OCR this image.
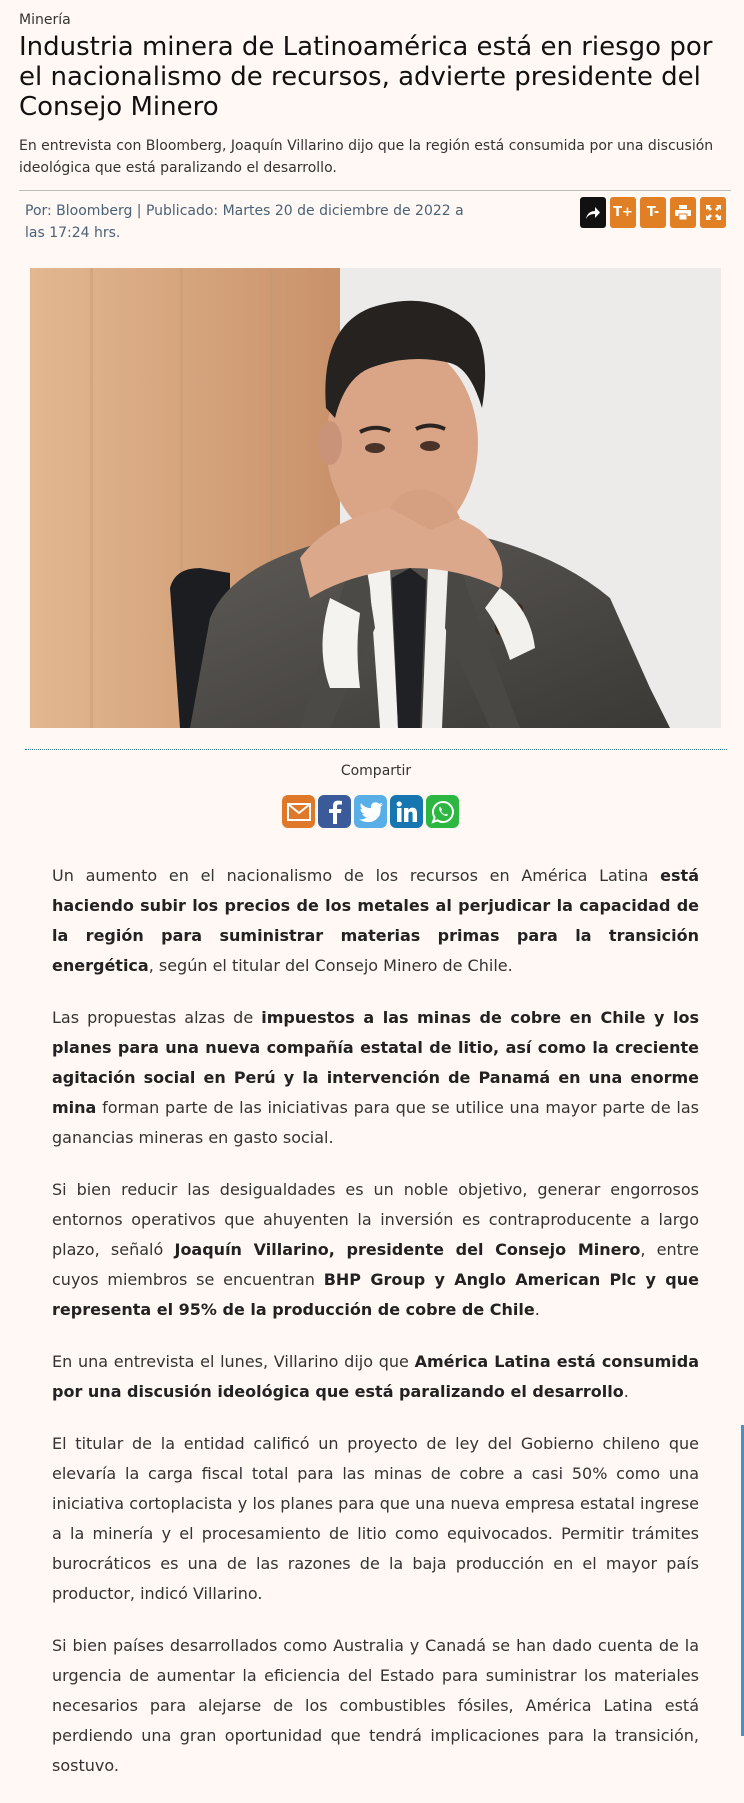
Minería
Industria minera de Latinoamérica está en riesgo por el nacionalismo de recursos, advierte presidente del Consejo Minero
En entrevista con Bloomberg, Joaquín Villarino dijo que la región está consumida por una discusión ideológica que está paralizando el desarrollo.
Por: Bloomberg | Publicado: Martes 20 de diciembre de 2022 a las 17:24 hrs.
T+	T-
Compartir

Un aumento en el nacionalismo de los recursos en América Latina está haciendo subir los precios de los metales al perjudicar la capacidad de la región para suministrar materias primas para la transición energética, según el titular del Consejo Minero de Chile.

Las propuestas alzas de impuestos a las minas de cobre en Chile y los planes para una nueva compañía estatal de litio, así como la creciente agitación social en Perú y la intervención de Panamá en una enorme mina forman parte de las iniciativas para que se utilice una mayor parte de las ganancias mineras en gasto social.

Si bien reducir las desigualdades es un noble objetivo, generar engorrosos entornos operativos que ahuyenten la inversión es contraproducente a largo plazo, señaló Joaquín Villarino, presidente del Consejo Minero, entre cuyos miembros se encuentran BHP Group y Anglo American Plc y que representa el 95% de la producción de cobre de Chile.

En una entrevista el lunes, Villarino dijo que América Latina está consumida por una discusión ideológica que está paralizando el desarrollo.

El titular de la entidad calificó un proyecto de ley del Gobierno chileno que elevaría la carga fiscal total para las minas de cobre a casi 50% como una iniciativa cortoplacista y los planes para que una nueva empresa estatal ingrese a la minería y el procesamiento de litio como equivocados. Permitir trámites burocráticos es una de las razones de la baja producción en el mayor país productor, indicó Villarino.

Si bien países desarrollados como Australia y Canadá se han dado cuenta de la urgencia de aumentar la eficiencia del Estado para suministrar los materiales necesarios para alejarse de los combustibles fósiles, América Latina está perdiendo una gran oportunidad que tendrá implicaciones para la transición, sostuvo.
